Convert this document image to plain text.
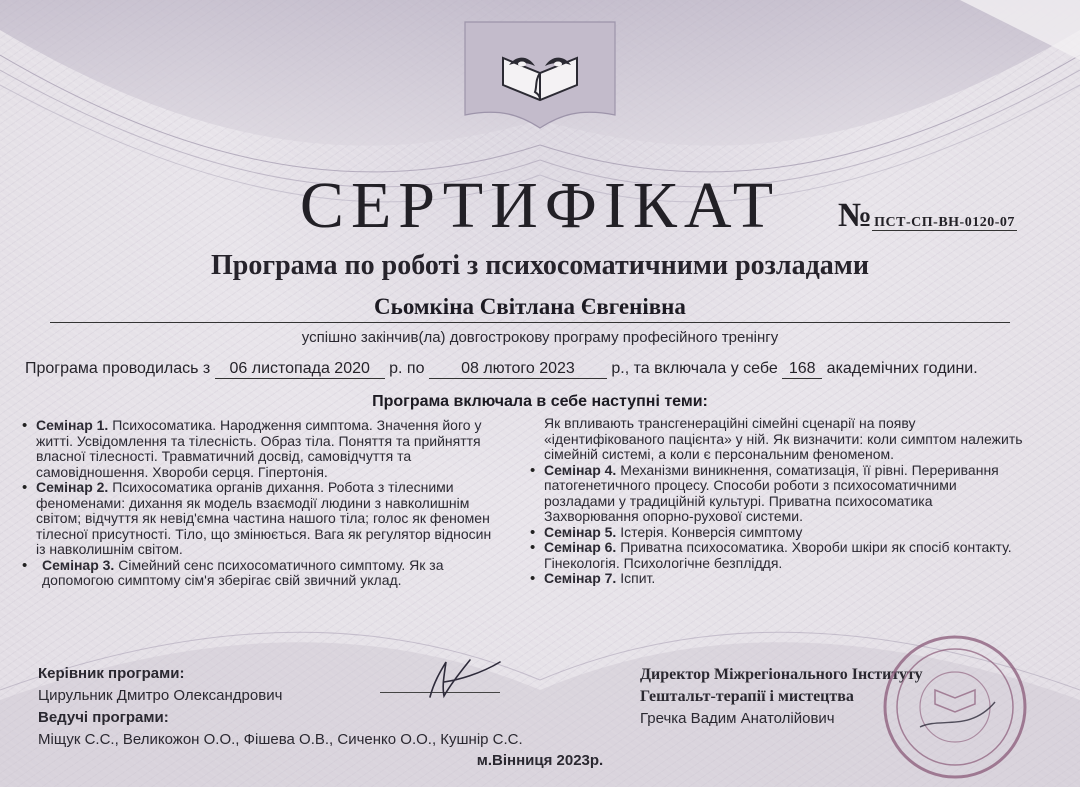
СЕРТИФІКАТ	№ ПСТ-СП-ВН-0120-07
Програма по роботі з психосоматичними розладами
Сьомкіна Світлана Євгенівна
успішно закінчив(ла) довгострокову програму професійного тренінгу
Програма проводилась з 06 листопада 2020 р. по 08 лютого 2023 р., та включала у себе 168 академічних години.
Програма включала в себе наступні теми:

• Семінар 1. Психосоматика. Народження симптома. Значення його у житті. Усвідомлення та тілесність. Образ тіла. Поняття та прийняття власної тілесності. Травматичний досвід, самовідчуття та самовідношення. Хвороби серця. Гіпертонія.

• Семінар 2. Психосоматика органів дихання. Робота з тілесними феноменами: дихання як модель взаємодії людини з навколишнім світом; відчуття як невід'ємна частина нашого тіла; голос як феномен тілесної присутності. Тіло, що змінюється. Вага як регулятор відносин із навколишнім світом.

• Семінар 3. Сімейний сенс психосоматичного симптому. Як за допомогою симптому сім'я зберігає свій звичний уклад.

Як впливають трансгенераційні сімейні сценарії на появу «ідентифікованого пацієнта» у ній. Як визначити: коли симптом належить сімейній системі, а коли є персональним феноменом.

• Семінар 4. Механізми виникнення, соматизація, її рівні. Переривання патогенетичного процесу. Способи роботи з психосоматичними розладами у традиційній культурі. Приватна психосоматика Захворювання опорно-рухової системи.

• Семінар 5. Істерія. Конверсія симптому

• Семінар 6. Приватна психосоматика. Хвороби шкіри як спосіб контакту. Гінекологія. Психологічне безпліддя.

• Семінар 7. Іспит.

Керівник програми:
Цирульник Дмитро Олександрович
Ведучі програми:
Міщук С.С., Великожон О.О., Фішева О.В., Сиченко О.О., Кушнір С.С.
Директор Міжрегіонального Інституту
Гештальт-терапії і мистецтва
Гречка Вадим Анатолійович
м.Вінниця 2023р.
